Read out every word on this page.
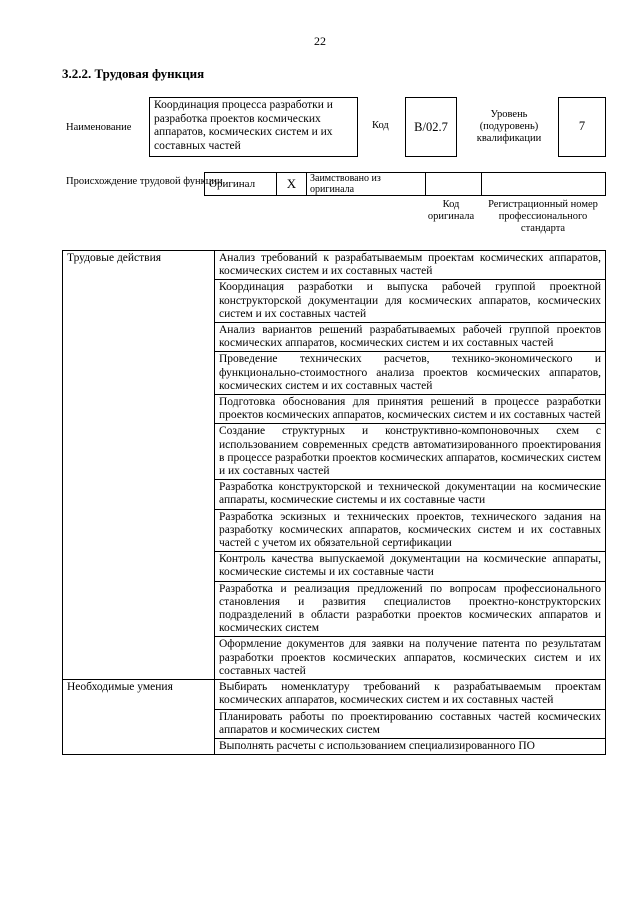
22
3.2.2. Трудовая функция
Наименование
Координация процесса разработки и разработка проектов космических аппаратов, космических систем и их составных частей
Код	B/02.7
Уровень (подуровень) квалификации
7
Происхождение трудовой функции
Оригинал	X	Заимствовано из оригинала
Код оригинала
Регистрационный номер профессионального стандарта
Трудовые действия	Анализ требований к разрабатываемым проектам космических аппаратов, космических систем и их составных частей
	Координация разработки и выпуска рабочей группой проектной конструкторской документации для космических аппаратов, космических систем и их составных частей
	Анализ вариантов решений разрабатываемых рабочей группой проектов космических аппаратов, космических систем и их составных частей
	Проведение технических расчетов, технико-экономического и функционально-стоимостного анализа проектов космических аппаратов, космических систем и их составных частей
	Подготовка обоснования для принятия решений в процессе разработки проектов космических аппаратов, космических систем и их составных частей
	Создание структурных и конструктивно-компоновочных схем с использованием современных средств автоматизированного проектирования в процессе разработки проектов космических аппаратов, космических систем и их составных частей
	Разработка конструкторской и технической документации на космические аппараты, космические системы и их составные части
	Разработка эскизных и технических проектов, технического задания на разработку космических аппаратов, космических систем и их составных частей с учетом их обязательной сертификации
	Контроль качества выпускаемой документации на космические аппараты, космические системы и их составные части
	Разработка и реализация предложений по вопросам профессионального становления и развития специалистов проектно-конструкторских подразделений в области разработки проектов космических аппаратов и космических систем
	Оформление документов для заявки на получение патента по результатам разработки проектов космических аппаратов, космических систем и их составных частей
Необходимые умения	Выбирать номенклатуру требований к разрабатываемым проектам космических аппаратов, космических систем и их составных частей
	Планировать работы по проектированию составных частей космических аппаратов и космических систем
	Выполнять расчеты с использованием специализированного ПО
